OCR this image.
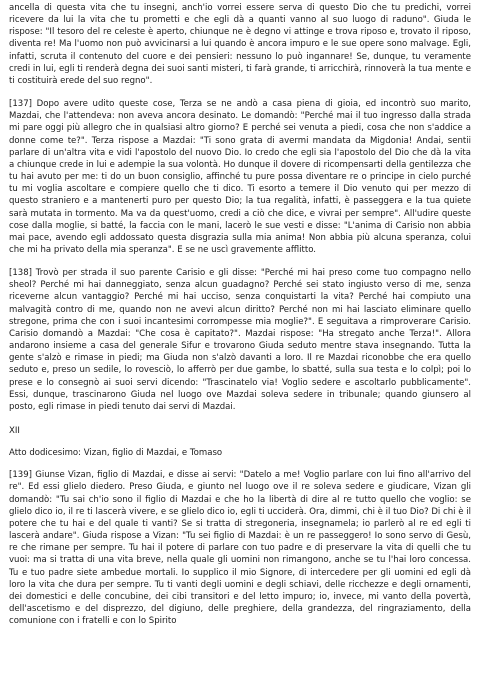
ancella di questa vita che tu insegni, anch'io vorrei essere serva di questo Dio che tu predichi, vorrei ricevere da lui la vita che tu prometti e che egli dà a quanti vanno al suo luogo di raduno". Giuda le rispose: "Il tesoro del re celeste è aperto, chiunque ne è degno vi attinge e trova riposo e, trovato il riposo, diventa re! Ma l'uomo non può avvicinarsi a lui quando è ancora impuro e le sue opere sono malvage. Egli, infatti, scruta il contenuto del cuore e dei pensieri: nessuno lo può ingannare! Se, dunque, tu veramente credi in lui, egli ti renderà degna dei suoi santi misteri, ti farà grande, ti arricchirà, rinnoverà la tua mente e ti costituirà erede del suo regno".

[137] Dopo avere udito queste cose, Terza se ne andò a casa piena di gioia, ed incontrò suo marito, Mazdai, che l'attendeva: non aveva ancora desinato. Le domandò: "Perché mai il tuo ingresso dalla strada mi pare oggi più allegro che in qualsiasi altro giorno? E perché sei venuta a piedi, cosa che non s'addice a donne come te?". Terza rispose a Mazdai: "Ti sono grata di avermi mandata da Migdonia! Andai, sentii parlare di un'altra vita e vidi l'apostolo del nuovo Dio. Io credo che egli sia l'apostolo del Dio che dà la vita a chiunque crede in lui e adempie la sua volontà. Ho dunque il dovere di ricompensarti della gentilezza che tu hai avuto per me: ti do un buon consiglio, affinché tu pure possa diventare re o principe in cielo purché tu mi voglia ascoltare e compiere quello che ti dico. Ti esorto a temere il Dio venuto qui per mezzo di questo straniero e a mantenerti puro per questo Dio; la tua regalità, infatti, è passeggera e la tua quiete sarà mutata in tormento. Ma va da quest'uomo, credi a ciò che dice, e vivrai per sempre". All'udire queste cose dalla moglie, si batté, la faccia con le mani, lacerò le sue vesti e disse: "L'anima di Carisio non abbia mai pace, avendo egli addossato questa disgrazia sulla mia anima! Non abbia più alcuna speranza, colui che mi ha privato della mia speranza". E se ne uscì gravemente afflitto.

[138] Trovò per strada il suo parente Carisio e gli disse: "Perché mi hai preso come tuo compagno nello sheol? Perché mi hai danneggiato, senza alcun guadagno? Perché sei stato ingiusto verso di me, senza riceverne alcun vantaggio? Perché mi hai ucciso, senza conquistarti la vita? Perché hai compiuto una malvagità contro di me, quando non ne avevi alcun diritto? Perché non mi hai lasciato eliminare quello stregone, prima che con i suoi incantesimi corrompesse mia moglie?". E seguitava a rimproverare Carisio. Carisio domandò a Mazdai: "Che cosa è capitato?". Mazdai rispose: "Ha stregato anche Terza!". Allora andarono insieme a casa del generale Sifur e trovarono Giuda seduto mentre stava insegnando. Tutta la gente s'alzò e rimase in piedi; ma Giuda non s'alzò davanti a loro. Il re Mazdai riconobbe che era quello seduto e, preso un sedile, lo rovesciò, lo afferrò per due gambe, lo sbatté, sulla sua testa e lo colpì; poi lo prese e lo consegnò ai suoi servi dicendo: "Trascinatelo via! Voglio sedere e ascoltarlo pubblicamente". Essi, dunque, trascinarono Giuda nel luogo ove Mazdai soleva sedere in tribunale; quando giunsero al posto, egli rimase in piedi tenuto dai servi di Mazdai.

XII
Atto dodicesimo: Vizan, figlio di Mazdai, e Tomaso

[139] Giunse Vizan, figlio di Mazdai, e disse ai servi: "Datelo a me! Voglio parlare con lui fino all'arrivo del re". Ed essi glielo diedero. Preso Giuda, e giunto nel luogo ove il re soleva sedere e giudicare, Vizan gli domandò: "Tu sai ch'io sono il figlio di Mazdai e che ho la libertà di dire al re tutto quello che voglio: se glielo dico io, il re ti lascerà vivere, e se glielo dico io, egli ti ucciderà. Ora, dimmi, chi è il tuo Dio? Di chi è il potere che tu hai e del quale ti vanti? Se si tratta di stregoneria, insegnamela; io parlerò al re ed egli ti lascerà andare". Giuda rispose a Vizan: "Tu sei figlio di Mazdai: è un re passeggero! Io sono servo di Gesù, re che rimane per sempre. Tu hai il potere di parlare con tuo padre e di preservare la vita di quelli che tu vuoi: ma si tratta di una vita breve, nella quale gli uomini non rimangono, anche se tu l'hai loro concessa. Tu e tuo padre siete ambedue mortali. Io supplico il mio Signore, di intercedere per gli uomini ed egli dà loro la vita che dura per sempre. Tu ti vanti degli uomini e degli schiavi, delle ricchezze e degli ornamenti, dei domestici e delle concubine, dei cibi transitori e del letto impuro; io, invece, mi vanto della povertà, dell'ascetismo e del disprezzo, del digiuno, delle preghiere, della grandezza, del ringraziamento, della comunione con i fratelli e con lo Spirito
